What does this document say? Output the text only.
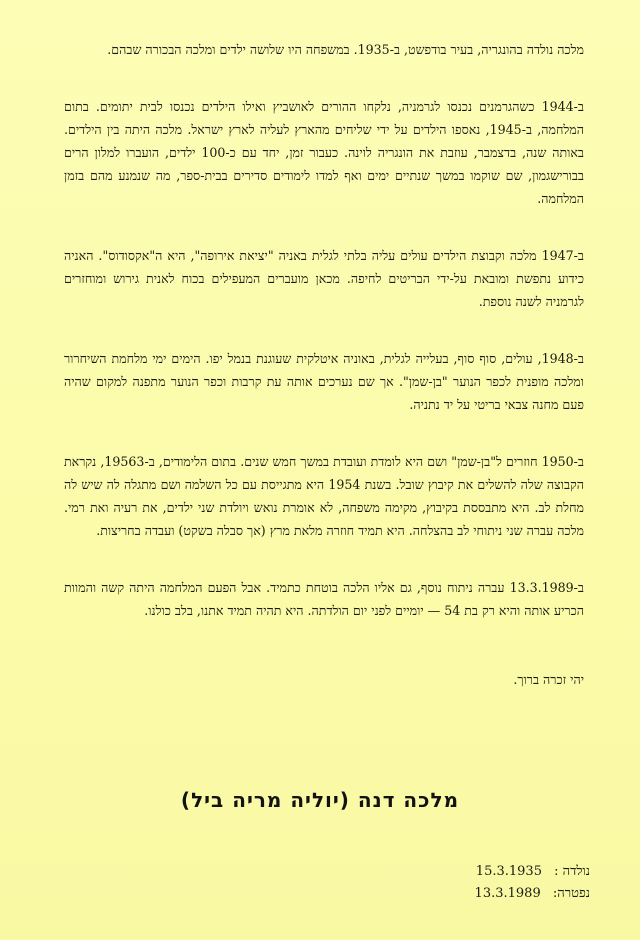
מלכה נולדה בהונגריה, בעיר בודפשט, ב-1935. במשפחה היו שלושה ילדים ומלכה הבכורה שבהם.

ב-1944 כשהגרמנים נכנסו לגרמניה, נלקחו ההורים לאושביץ ואילו הילדים נכנסו לבית יתומים. בתום המלחמה, ב-1945, נאספו הילדים על ידי שליחים מהארץ לעליה לארץ ישראל. מלכה היתה בין הילדים. באותה שנה, בדצמבר, עוזבת את הונגריה לוינה. כעבור זמן, יחד עם כ-100 ילדים, הועברו למלון הרים בבורישגמון, שם שוקמו במשך שנתיים ימים ואף למדו לימודים סדירים בבית-ספר, מה שנמנע מהם בזמן המלחמה.

ב-1947 מלכה וקבוצת הילדים עולים עליה בלתי לגלית באניה "יציאת אירופה", היא ה"אקסודוס". האניה כידוע נתפשת ומובאת על-ידי הבריטים לחיפה. מכאן מועברים המעפילים בכוח לאנית גירוש ומוחזרים לגרמניה לשנה נוספת.

ב-1948, עולים, סוף סוף, בעלייה לגלית, באוניה איטלקית שעוגנת בנמל יפו. הימים ימי מלחמת השיחרור ומלכה מופנית לכפר הנוער "בן-שמן". אך שם נערכים אותה עת קרבות וכפר הנוער מתפנה למקום שהיה פעם מחנה צבאי בריטי על יד נתניה.

ב-1950 חוזרים ל"בן-שמן" ושם היא לומדת ועובדת במשך חמש שנים. בתום הלימודים, ב-19563, נקראת הקבוצה שלה להשלים את קיבוץ שובל. בשנת 1954 היא מתגייסת עם כל השלמה ושם מתגלה לה שיש לה מחלת לב. היא מתבססת בקיבוץ, מקימה משפחה, לא אומרת נואש ויולדת שני ילדים, את רעיה ואת רמי. מלכה עברה שני ניתוחי לב בהצלחה. היא תמיד חוזרה מלאת מרץ (אך סבלה בשקט) ועבדה בחריצות.

ב-13.3.1989 עברה ניתוח נוסף, גם אליו הלכה בוטחת כתמיד. אבל הפעם המלחמה היתה קשה והמוות הכריע אותה והיא רק בת 54 — יומיים לפני יום הולדתה. היא תהיה תמיד אתנו, בלב כולנו.

יהי זכרה ברוך.
מלכה דנה (יוליה מריה ביל)
נולדה : 15.3.1935
נפטרה: 13.3.1989
